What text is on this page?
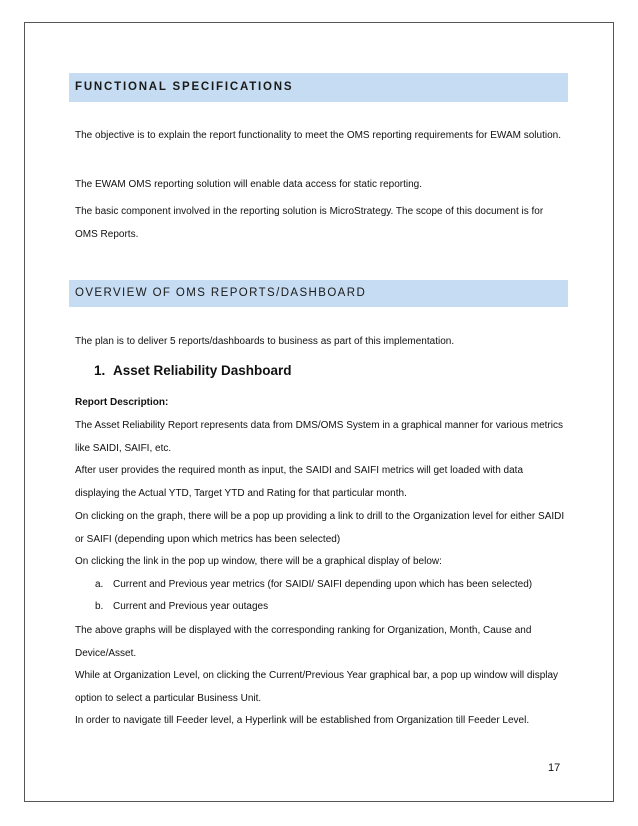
FUNCTIONAL SPECIFICATIONS

The objective is to explain the report functionality to meet the OMS reporting requirements for EWAM solution.

The EWAM OMS reporting solution will enable data access for static reporting.

The basic component involved in the reporting solution is MicroStrategy. The scope of this document is for OMS Reports.

OVERVIEW OF OMS REPORTS/DASHBOARD

The plan is to deliver 5 reports/dashboards to business as part of this implementation.

1. Asset Reliability Dashboard

Report Description:

The Asset Reliability Report represents data from DMS/OMS System in a graphical manner for various metrics like SAIDI, SAIFI, etc.

After user provides the required month as input, the SAIDI and SAIFI metrics will get loaded with data displaying the Actual YTD, Target YTD and Rating for that particular month.

On clicking on the graph, there will be a pop up providing a link to drill to the Organization level for either SAIDI or SAIFI (depending upon which metrics has been selected)

On clicking the link in the pop up window, there will be a graphical display of below:

a. Current and Previous year metrics (for SAIDI/ SAIFI depending upon which has been selected)
b. Current and Previous year outages

The above graphs will be displayed with the corresponding ranking for Organization, Month, Cause and Device/Asset.

While at Organization Level, on clicking the Current/Previous Year graphical bar, a pop up window will display option to select a particular Business Unit.

In order to navigate till Feeder level, a Hyperlink will be established from Organization till Feeder Level.

17
